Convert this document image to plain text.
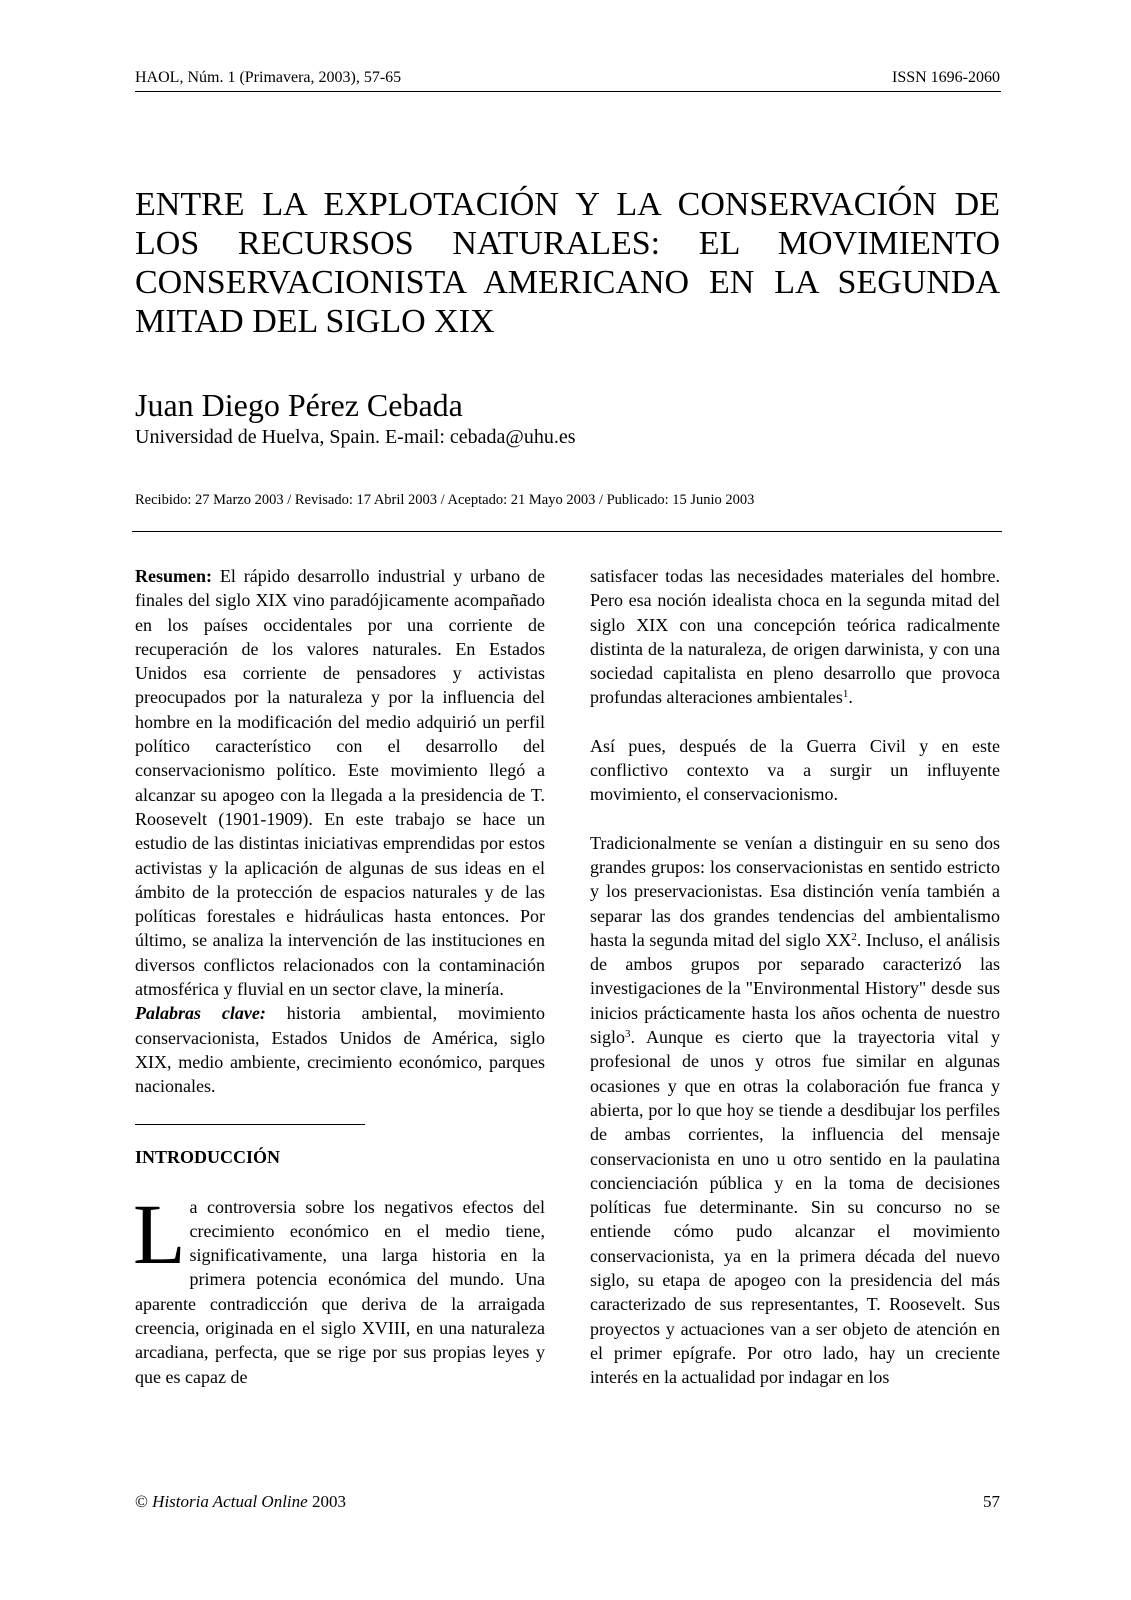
HAOL, Núm. 1 (Primavera, 2003), 57-65	ISSN 1696-2060
ENTRE LA EXPLOTACIÓN Y LA CONSERVACIÓN DE LOS RECURSOS NATURALES: EL MOVIMIENTO CONSERVACIONISTA AMERICANO EN LA SEGUNDA MITAD DEL SIGLO XIX
Juan Diego Pérez Cebada
Universidad de Huelva, Spain. E-mail: cebada@uhu.es
Recibido: 27 Marzo 2003 / Revisado: 17 Abril 2003 / Aceptado: 21 Mayo 2003 / Publicado: 15 Junio 2003

Resumen: El rápido desarrollo industrial y urbano de finales del siglo XIX vino paradójicamente acompañado en los países occidentales por una corriente de recuperación de los valores naturales. En Estados Unidos esa corriente de pensadores y activistas preocupados por la naturaleza y por la influencia del hombre en la modificación del medio adquirió un perfil político característico con el desarrollo del conservacionismo político. Este movimiento llegó a alcanzar su apogeo con la llegada a la presidencia de T. Roosevelt (1901-1909). En este trabajo se hace un estudio de las distintas iniciativas emprendidas por estos activistas y la aplicación de algunas de sus ideas en el ámbito de la protección de espacios naturales y de las políticas forestales e hidráulicas hasta entonces. Por último, se analiza la intervención de las instituciones en diversos conflictos relacionados con la contaminación atmosférica y fluvial en un sector clave, la minería.

Palabras clave: historia ambiental, movimiento conservacionista, Estados Unidos de América, siglo XIX, medio ambiente, crecimiento económico, parques nacionales.

INTRODUCCIÓN

La controversia sobre los negativos efectos del crecimiento económico en el medio tiene, significativamente, una larga historia en la primera potencia económica del mundo. Una aparente contradicción que deriva de la arraigada creencia, originada en el siglo XVIII, en una naturaleza arcadiana, perfecta, que se rige por sus propias leyes y que es capaz de

satisfacer todas las necesidades materiales del hombre. Pero esa noción idealista choca en la segunda mitad del siglo XIX con una concepción teórica radicalmente distinta de la naturaleza, de origen darwinista, y con una sociedad capitalista en pleno desarrollo que provoca profundas alteraciones ambientales$^1$.

Así pues, después de la Guerra Civil y en este conflictivo contexto va a surgir un influyente movimiento, el conservacionismo.

Tradicionalmente se venían a distinguir en su seno dos grandes grupos: los conservacionistas en sentido estricto y los preservacionistas. Esa distinción venía también a separar las dos grandes tendencias del ambientalismo hasta la segunda mitad del siglo $XX^2$. Incluso, el análisis de ambos grupos por separado caracterizó las investigaciones de la "Environmental History" desde sus inicios prácticamente hasta los años ochenta de nuestro siglo$^3$. Aunque es cierto que la trayectoria vital y profesional de unos y otros fue similar en algunas ocasiones y que en otras la colaboración fue franca y abierta, por lo que hoy se tiende a desdibujar los perfiles de ambas corrientes, la influencia del mensaje conservacionista en uno u otro sentido en la paulatina concienciación pública y en la toma de decisiones políticas fue determinante. Sin su concurso no se entiende cómo pudo alcanzar el movimiento conservacionista, ya en la primera década del nuevo siglo, su etapa de apogeo con la presidencia del más caracterizado de sus representantes, T. Roosevelt. Sus proyectos y actuaciones van a ser objeto de atención en el primer epígrafe. Por otro lado, hay un creciente interés en la actualidad por indagar en los

© Historia Actual Online 2003	57
